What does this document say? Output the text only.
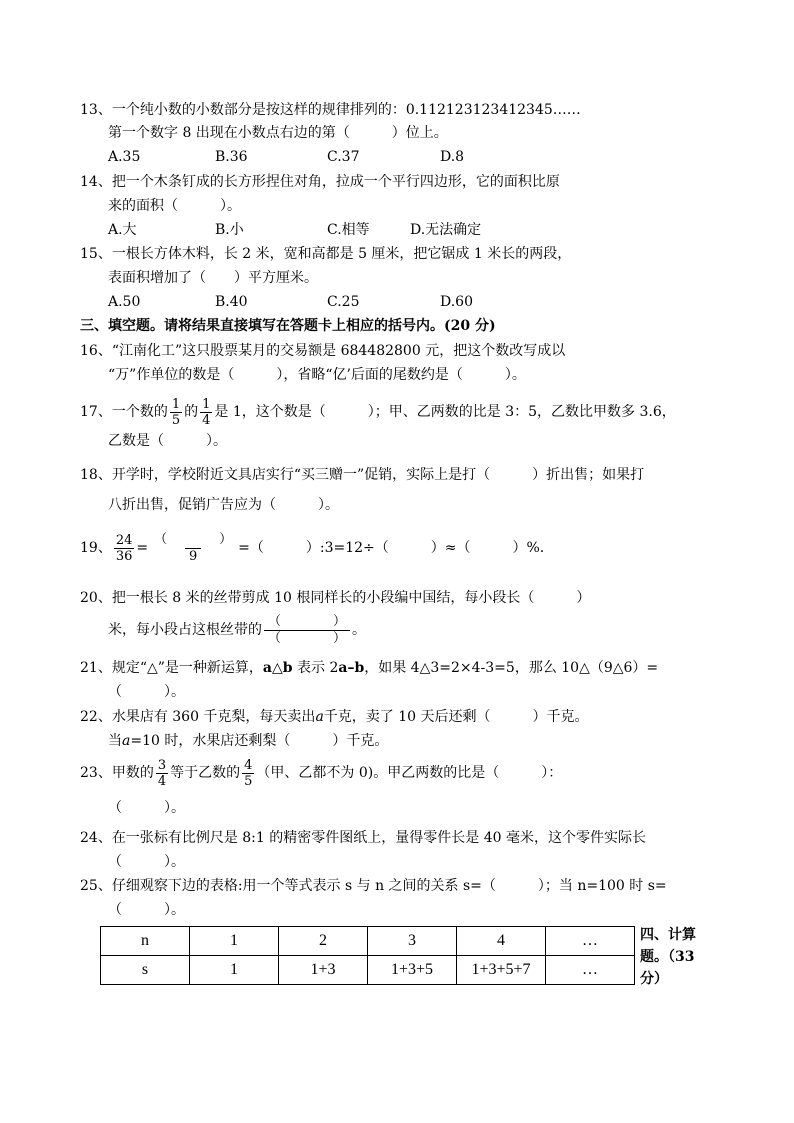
13、一个纯小数的小数部分是按这样的规律排列的：0.112123123412345……
第一个数字 8 出现在小数点右边的第（　　　）位上。
A.35	B.36	C.37	D.8
14、把一个木条钉成的长方形捏住对角，拉成一个平行四边形，它的面积比原
来的面积（　　　）。
A.大	B.小	C.相等	D.无法确定
15、一根长方体木料，长 2 米，宽和高都是 5 厘米，把它锯成 1 米长的两段，
表面积增加了（　　）平方厘米。
A.50	B.40	C.25	D.60
三、填空题。请将结果直接填写在答题卡上相应的括号内。(20 分)
16、“江南化工”这只股票某月的交易额是 684482800 元，把这个数改写成以
“万”作单位的数是（　　　），省略“亿’后面的尾数约是（　　　）。
17、一个数的 $\frac{1}{5}$ 的 $\frac{1}{4}$ 是 1，这个数是（　　　）；甲、乙两数的比是 3：5，乙数比甲数多 3.6，
乙数是（　　　）。
18、开学时，学校附近文具店实行“买三赠一”促销，实际上是打（　　　）折出售；如果打
八折出售，促销广告应为（　　　）。
19、 $\frac{24}{36} = \frac{( )}{9}$ =（　　　）:3=12÷（　　　）≈（　　　）%.
20、把一根长 8 米的丝带剪成 10 根同样长的小段编中国结，每小段长（　　　）
米，每小段占这根丝带的 $\frac{( )}{( )}$ 。
21、规定“△”是一种新运算，a△b 表示 2a–b，如果 4△3=2×4-3=5，那么 10△（9△6）=
（　　　）。
22、水果店有 360 千克梨，每天卖出a千克，卖了 10 天后还剩（　　　）千克。
当a=10 时，水果店还剩梨（　　　）千克。
23、甲数的 $\frac{3}{4}$ 等于乙数的 $\frac{4}{5}$ （甲、乙都不为 0)。甲乙两数的比是（　　　）：
（　　　）。
24、在一张标有比例尺是 8:1 的精密零件图纸上，量得零件长是 40 毫米，这个零件实际长
（　　　）。
25、仔细观察下边的表格:用一个等式表示 s 与 n 之间的关系 s=（　　　）；当 n=100 时 s=
（　　　）。
n	1	2	3	4	…
s	1	1+3	1+3+5	1+3+5+7	…
四、计算题。（33 分）
